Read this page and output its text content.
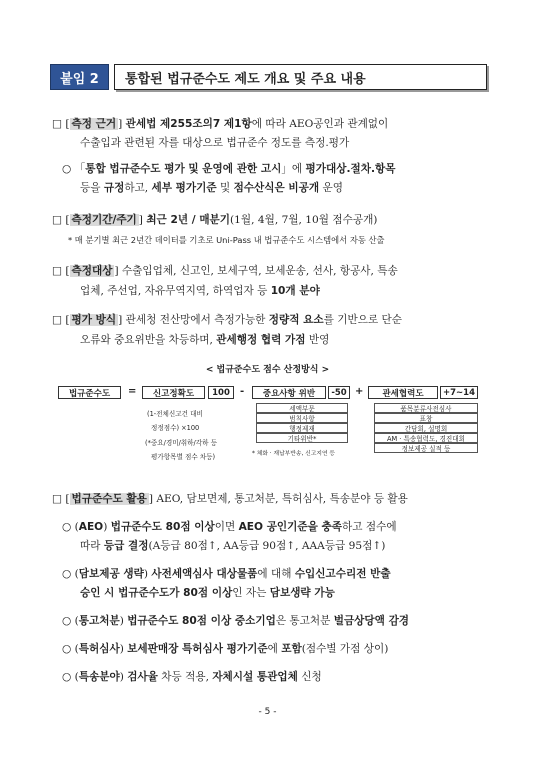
붙임 2	통합된 법규준수도 제도 개요 및 주요 내용
□ [ 측정 근거 ] 관세법 제255조의7 제1항에 따라 AEO공인과 관계없이
수출입과 관련된 자를 대상으로 법규준수 정도를 측정.평가
○ 「통합 법규준수도 평가 및 운영에 관한 고시」에 평가대상.절차.항목
등을 규정하고, 세부 평가기준 및 점수산식은 비공개 운영
□ [ 측정기간/주기 ] 최근 2년 / 매분기(1월, 4월, 7월, 10월 점수공개)
* 매 분기별 최근 2년간 데이터를 기초로 Uni-Pass 내 법규준수도 시스템에서 자동 산출
□ [ 측정대상 ] 수출입업체, 신고인, 보세구역, 보세운송, 선사, 항공사, 특송
업체, 주선업, 자유무역지역, 하역업자 등 10개 분야
□ [ 평가 방식 ] 관세청 전산망에서 측정가능한 정량적 요소를 기반으로 단순
오류와 중요위반을 차등하며, 관세행정 협력 가점 반영
< 법규준수도 점수 산정방식 >
법규준수도	=	신고정확도	100	-	중요사항 위반	-50 +	관세협력도	+7~14
(1-전체신고건 대비
정정점수) ×100
(*중요/경미/취하/각하 등
평가항목별 점수 차등)
세액부문
범칙사항
행정제재
기타위반*
* 체화 · 재납부반송, 신고지연 등
품목분류사전심사
표창
간담회, 설명회
AM · 특송협력도, 경진대회
정보제공 실적 등
□ [ 법규준수도 활용 ] AEO, 담보면제, 통고처분, 특허심사, 특송분야 등 활용
○ (AEO) 법규준수도 80점 이상이면 AEO 공인기준을 충족하고 점수에
따라 등급 결정(A등급 80점↑, AA등급 90점↑, AAA등급 95점↑)
○ (담보제공 생략) 사전세액심사 대상물품에 대해 수입신고수리전 반출
승인 시 법규준수도가 80점 이상인 자는 담보생략 가능
○ (통고처분) 법규준수도 80점 이상 중소기업은 통고처분 벌금상당액 감경
○ (특허심사) 보세판매장 특허심사 평가기준에 포함(점수별 가점 상이)
○ (특송분야) 검사율 차등 적용, 자체시설 통관업체 신청
- 5 -
